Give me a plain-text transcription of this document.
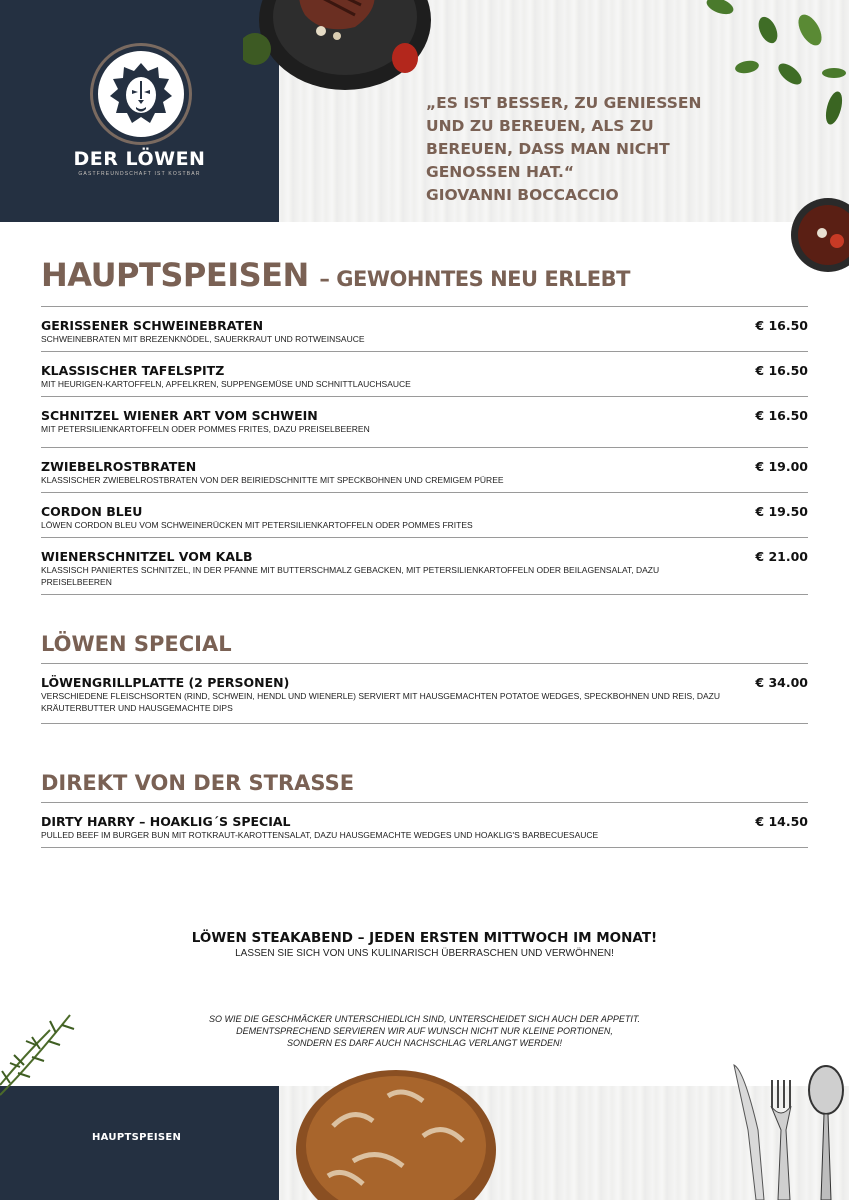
DER LÖWEN
GASTFREUNDSCHAFT IST KOSTBAR
„ES IST BESSER, ZU GENIESSEN
UND ZU BEREUEN, ALS ZU
BEREUEN, DASS MAN NICHT
GENOSSEN HAT.“
GIOVANNI BOCCACCIO
HAUPTSPEISEN – GEWOHNTES NEU ERLEBT
GERISSENER SCHWEINEBRATEN
SCHWEINEBRATEN MIT BREZENKNÖDEL, SAUERKRAUT UND ROTWEINSAUCE
€ 16.50
KLASSISCHER TAFELSPITZ
MIT HEURIGEN-KARTOFFELN, APFELKREN, SUPPENGEMÜSE UND SCHNITTLAUCHSAUCE
€ 16.50
SCHNITZEL WIENER ART VOM SCHWEIN
MIT PETERSILIENKARTOFFELN ODER POMMES FRITES, DAZU PREISELBEEREN
€ 16.50
ZWIEBELROSTBRATEN
KLASSISCHER ZWIEBELROSTBRATEN VON DER BEIRIEDSCHNITTE MIT SPECKBOHNEN UND CREMIGEM PÜREE
€ 19.00
CORDON BLEU
LÖWEN CORDON BLEU VOM SCHWEINERÜCKEN MIT PETERSILIENKARTOFFELN ODER POMMES FRITES
€ 19.50
WIENERSCHNITZEL VOM KALB
KLASSISCH PANIERTES SCHNITZEL, IN DER PFANNE MIT BUTTERSCHMALZ GEBACKEN, MIT PETERSILIENKARTOFFELN ODER BEILAGENSALAT, DAZU PREISELBEEREN
€ 21.00
LÖWEN SPECIAL
LÖWENGRILLPLATTE (2 PERSONEN)
VERSCHIEDENE FLEISCHSORTEN (RIND, SCHWEIN, HENDL UND WIENERLE) SERVIERT MIT HAUSGEMACHTEN POTATOE WEDGES, SPECKBOHNEN UND REIS, DAZU KRÄUTERBUTTER UND HAUSGEMACHTE DIPS
€ 34.00
DIREKT VON DER STRASSE
DIRTY HARRY – HOAKLIG´S SPECIAL
PULLED BEEF IM BURGER BUN MIT ROTKRAUT-KAROTTENSALAT, DAZU HAUSGEMACHTE WEDGES UND HOAKLIG'S BARBECUESAUCE
€ 14.50
LÖWEN STEAKABEND – JEDEN ERSTEN MITTWOCH IM MONAT!
LASSEN SIE SICH VON UNS KULINARISCH ÜBERRASCHEN UND VERWÖHNEN!
SO WIE DIE GESCHMÄCKER UNTERSCHIEDLICH SIND, UNTERSCHEIDET SICH AUCH DER APPETIT.
DEMENTSPRECHEND SERVIEREN WIR AUF WUNSCH NICHT NUR KLEINE PORTIONEN,
SONDERN ES DARF AUCH NACHSCHLAG VERLANGT WERDEN!
HAUPTSPEISEN
